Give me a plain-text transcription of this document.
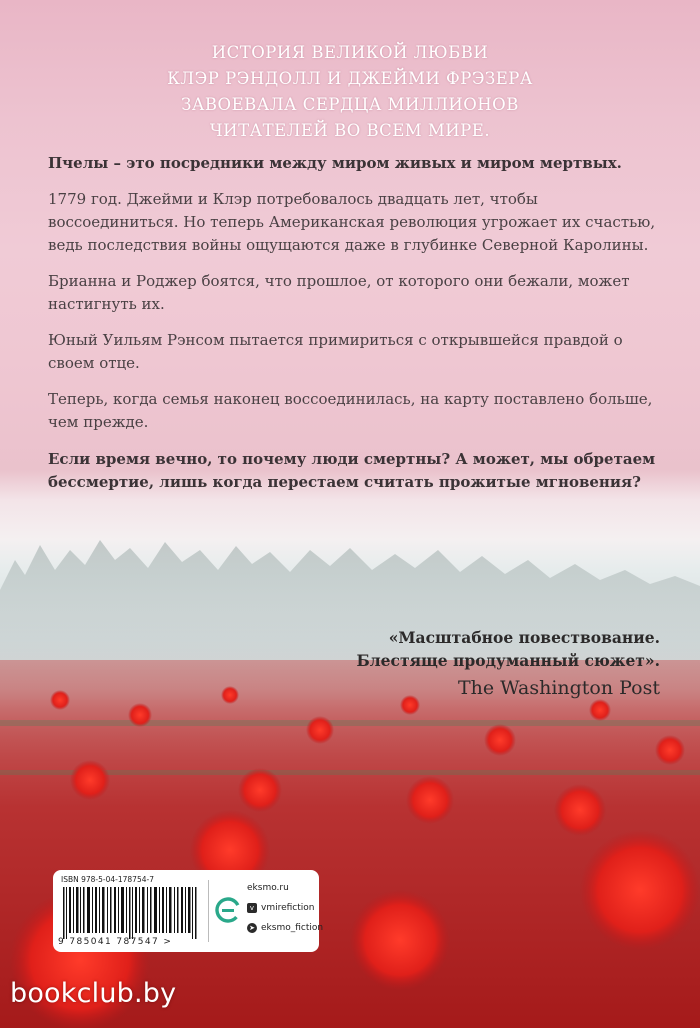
ИСТОРИЯ ВЕЛИКОЙ ЛЮБВИ
КЛЭР РЭНДОЛЛ И ДЖЕЙМИ ФРЭЗЕРА
ЗАВОЕВАЛА СЕРДЦА МИЛЛИОНОВ
ЧИТАТЕЛЕЙ ВО ВСЕМ МИРЕ.

Пчелы – это посредники между миром живых и миром мертвых.

1779 год. Джейми и Клэр потребовалось двадцать лет, чтобы воссоединиться. Но теперь Американская революция угрожает их счастью, ведь последствия войны ощущаются даже в глубинке Северной Каролины.

Брианна и Роджер боятся, что прошлое, от которого они бежали, может настигнуть их.

Юный Уильям Рэнсом пытается примириться с открывшейся правдой о своем отце.

Теперь, когда семья наконец воссоединилась, на карту поставлено больше, чем прежде.

Если время вечно, то почему люди смертны? А может, мы обретаем бессмертие, лишь когда перестаем считать прожитые мгновения?

«Масштабное повествование.
Блестяще продуманный сюжет».
The Washington Post
ISBN 978-5-04-178754-7
9 785041 787547 >
eksmo.ru
v vmirefiction
➤ eksmo_fiction
bookclub.by
